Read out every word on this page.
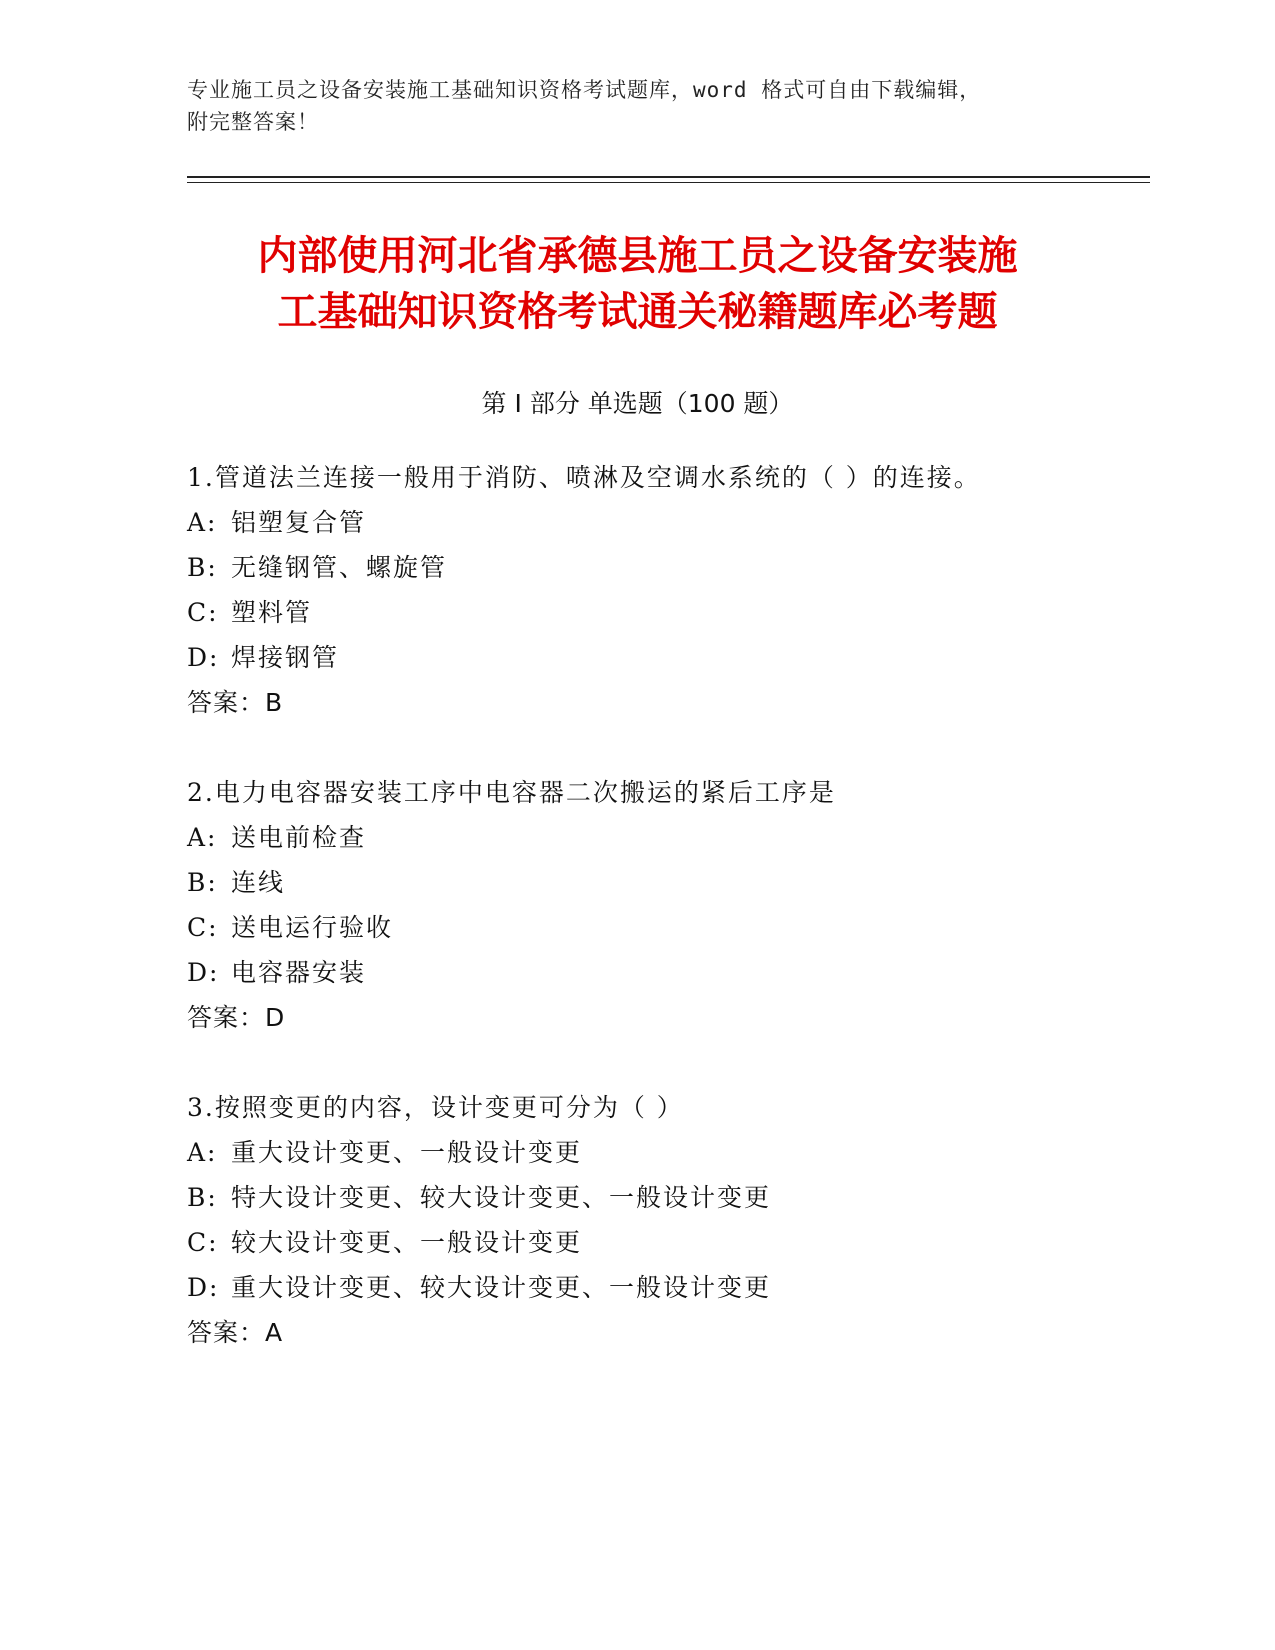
专业施工员之设备安装施工基础知识资格考试题库，word 格式可自由下载编辑，
附完整答案！
内部使用河北省承德县施工员之设备安装施
工基础知识资格考试通关秘籍题库必考题
第 I 部分 单选题（100 题）
1.管道法兰连接一般用于消防、喷淋及空调水系统的（ ）的连接。
A: 铝塑复合管
B: 无缝钢管、螺旋管
C: 塑料管
D: 焊接钢管
答案：B
2.电力电容器安装工序中电容器二次搬运的紧后工序是
A: 送电前检查
B: 连线
C: 送电运行验收
D: 电容器安装
答案：D
3.按照变更的内容，设计变更可分为（ ）
A: 重大设计变更、一般设计变更
B: 特大设计变更、较大设计变更、一般设计变更
C: 较大设计变更、一般设计变更
D: 重大设计变更、较大设计变更、一般设计变更
答案：A
